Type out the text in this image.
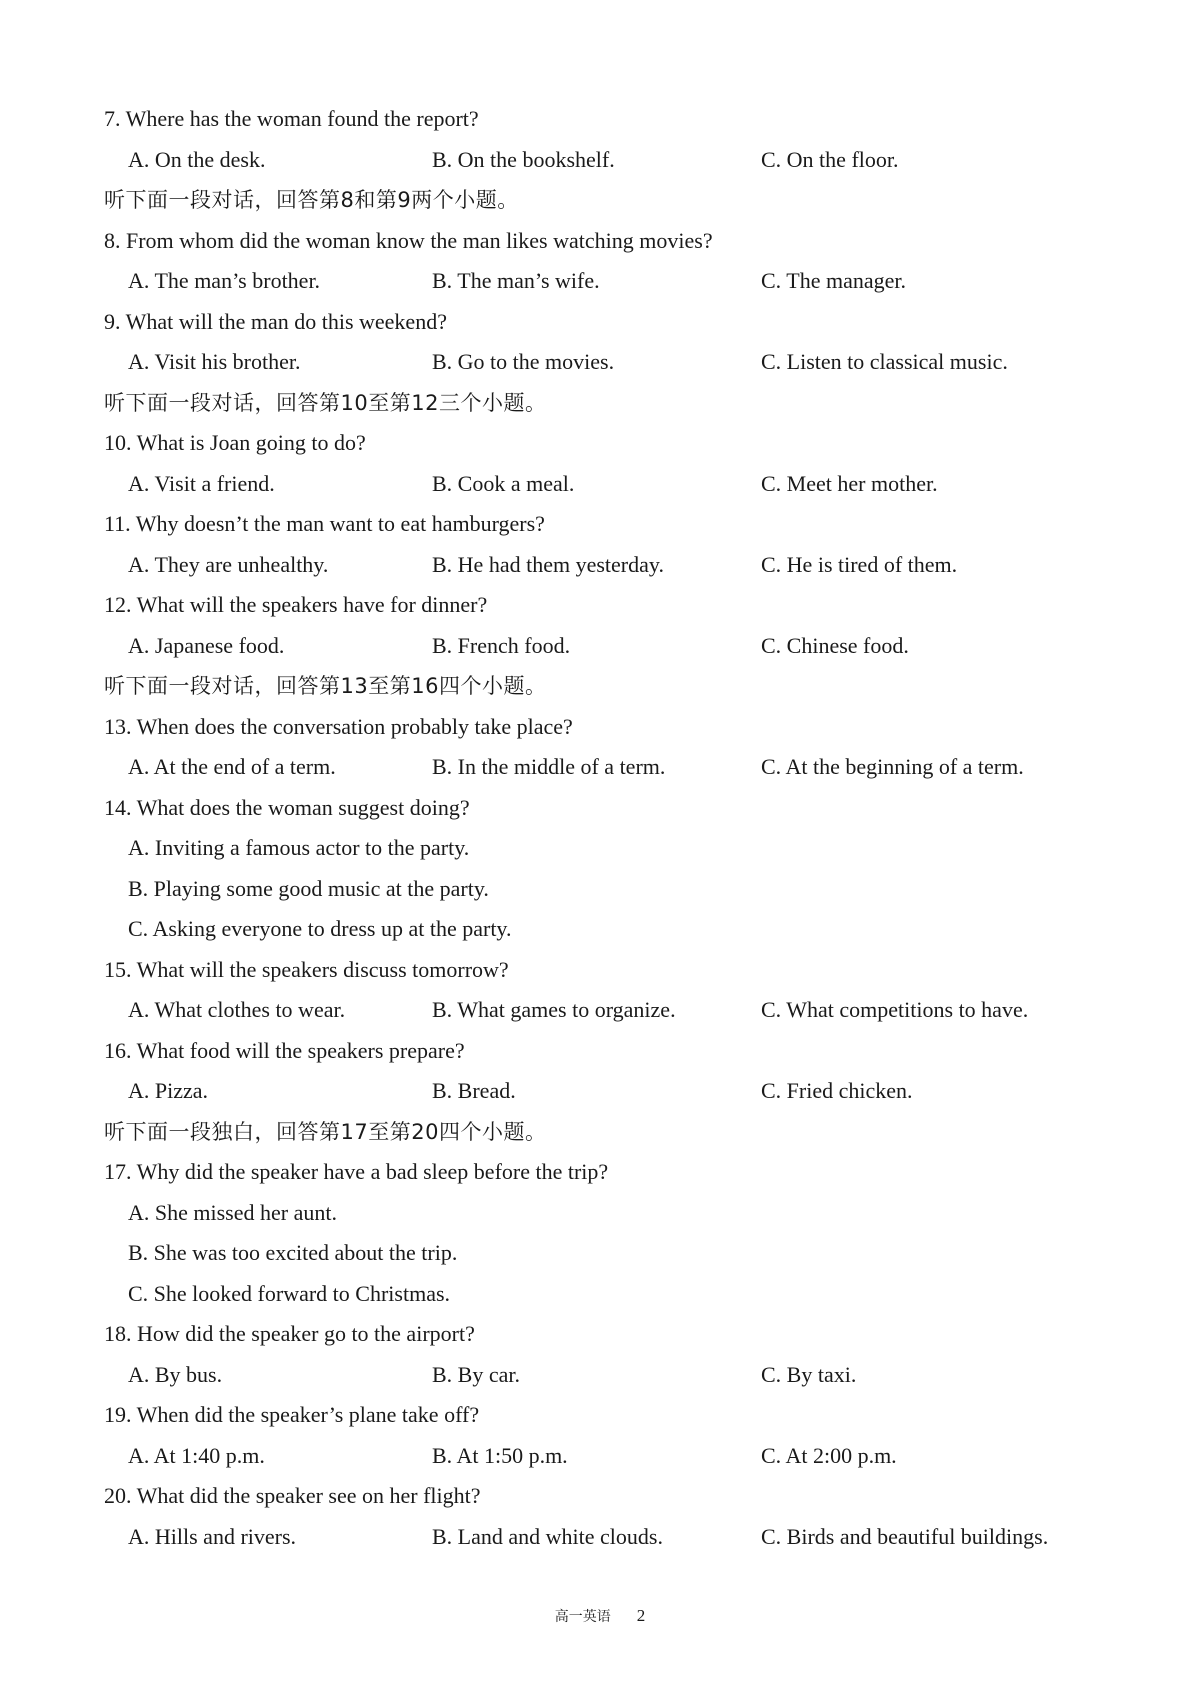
7. Where has the woman found the report?
A. On the desk.	B. On the bookshelf.	C. On the floor.
听下面一段对话，回答第8和第9两个小题。
8. From whom did the woman know the man likes watching movies?
A. The man’s brother.	B. The man’s wife.	C. The manager.
9. What will the man do this weekend?
A. Visit his brother.	B. Go to the movies.	C. Listen to classical music.
听下面一段对话，回答第10至第12三个小题。
10. What is Joan going to do?
A. Visit a friend.	B. Cook a meal.	C. Meet her mother.
11. Why doesn’t the man want to eat hamburgers?
A. They are unhealthy.	B. He had them yesterday.	C. He is tired of them.
12. What will the speakers have for dinner?
A. Japanese food.	B. French food.	C. Chinese food.
听下面一段对话，回答第13至第16四个小题。
13. When does the conversation probably take place?
A. At the end of a term.	B. In the middle of a term.	C. At the beginning of a term.
14. What does the woman suggest doing?
A. Inviting a famous actor to the party.
B. Playing some good music at the party.
C. Asking everyone to dress up at the party.
15. What will the speakers discuss tomorrow?
A. What clothes to wear.	B. What games to organize.	C. What competitions to have.
16. What food will the speakers prepare?
A. Pizza.	B. Bread.	C. Fried chicken.
听下面一段独白，回答第17至第20四个小题。
17. Why did the speaker have a bad sleep before the trip?
A. She missed her aunt.
B. She was too excited about the trip.
C. She looked forward to Christmas.
18. How did the speaker go to the airport?
A. By bus.	B. By car.	C. By taxi.
19. When did the speaker’s plane take off?
A. At 1:40 p.m.	B. At 1:50 p.m.	C. At 2:00 p.m.
20. What did the speaker see on her flight?
A. Hills and rivers.	B. Land and white clouds.	C. Birds and beautiful buildings.
高一英语 2
